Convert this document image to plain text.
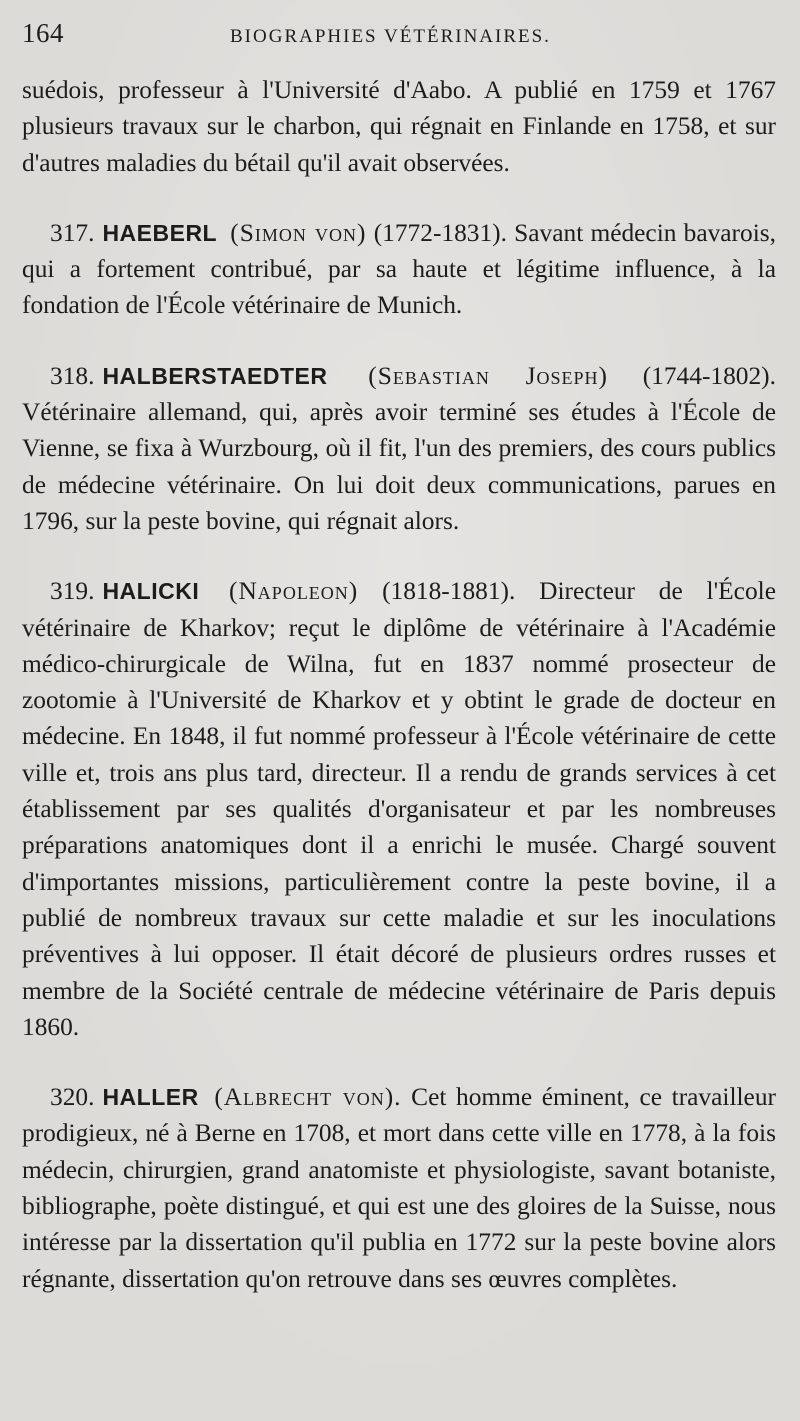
164	BIOGRAPHIES VÉTÉRINAIRES.

suédois, professeur à l'Université d'Aabo. A publié en 1759 et 1767 plusieurs travaux sur le charbon, qui régnait en Finlande en 1758, et sur d'autres maladies du bétail qu'il avait observées.

317. HAEBERL (Simon von) (1772-1831). Savant médecin bavarois, qui a fortement contribué, par sa haute et légitime influence, à la fondation de l'École vétérinaire de Munich.

318. HALBERSTAEDTER (Sebastian Joseph) (1744-1802). Vétérinaire allemand, qui, après avoir terminé ses études à l'École de Vienne, se fixa à Wurzbourg, où il fit, l'un des premiers, des cours publics de médecine vétérinaire. On lui doit deux communications, parues en 1796, sur la peste bovine, qui régnait alors.

319. HALICKI (Napoleon) (1818-1881). Directeur de l'École vétérinaire de Kharkov; reçut le diplôme de vétérinaire à l'Académie médico-chirurgicale de Wilna, fut en 1837 nommé prosecteur de zootomie à l'Université de Kharkov et y obtint le grade de docteur en médecine. En 1848, il fut nommé professeur à l'École vétérinaire de cette ville et, trois ans plus tard, directeur. Il a rendu de grands services à cet établissement par ses qualités d'organisateur et par les nombreuses préparations anatomiques dont il a enrichi le musée. Chargé souvent d'importantes missions, particulièrement contre la peste bovine, il a publié de nombreux travaux sur cette maladie et sur les inoculations préventives à lui opposer. Il était décoré de plusieurs ordres russes et membre de la Société centrale de médecine vétérinaire de Paris depuis 1860.

320. HALLER (Albrecht von). Cet homme éminent, ce travailleur prodigieux, né à Berne en 1708, et mort dans cette ville en 1778, à la fois médecin, chirurgien, grand anatomiste et physiologiste, savant botaniste, bibliographe, poète distingué, et qui est une des gloires de la Suisse, nous intéresse par la dissertation qu'il publia en 1772 sur la peste bovine alors régnante, dissertation qu'on retrouve dans ses œuvres complètes.
